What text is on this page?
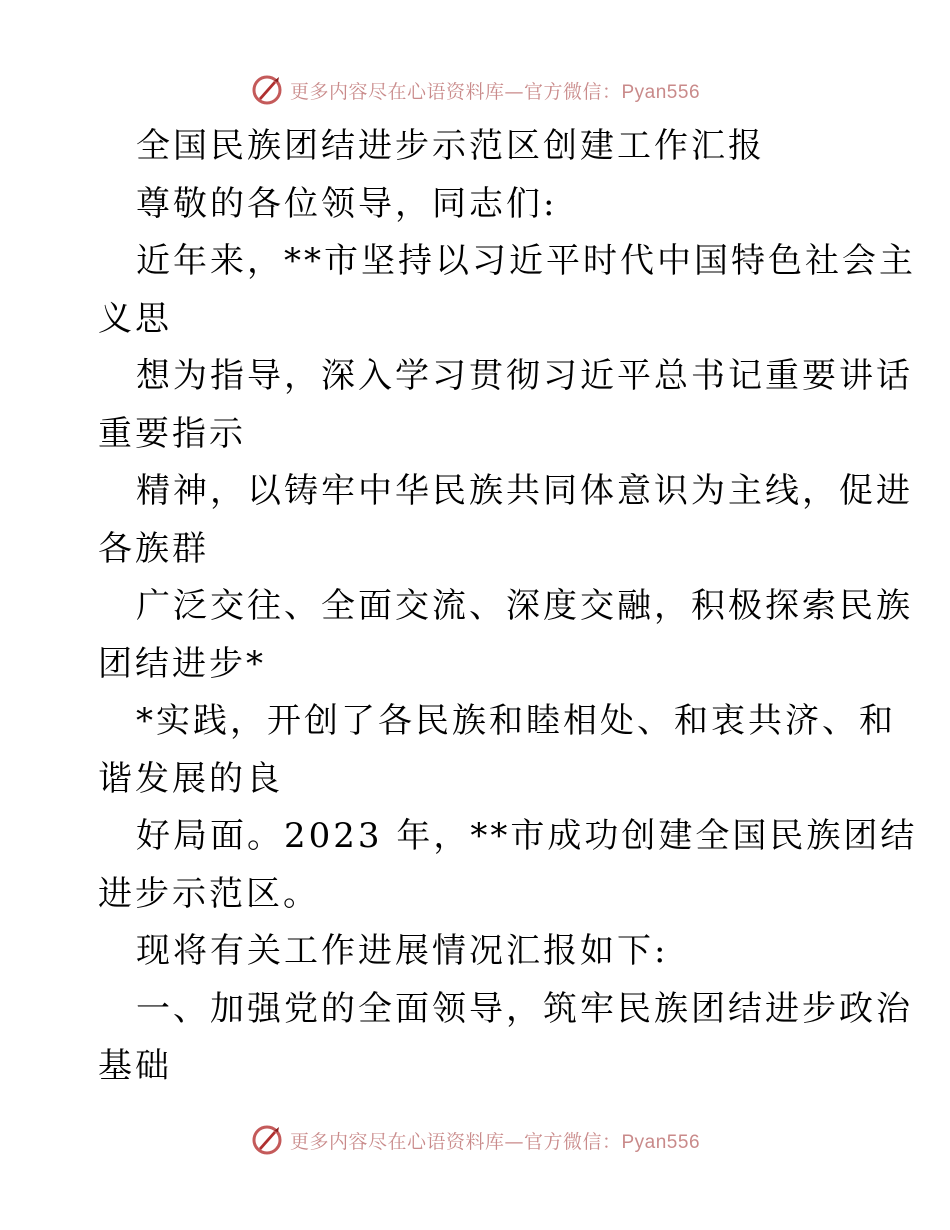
更多内容尽在心语资料库—官方微信：Pyan556
全国民族团结进步示范区创建工作汇报
尊敬的各位领导，同志们:
近年来，**市坚持以习近平时代中国特色社会主
义思
想为指导，深入学习贯彻习近平总书记重要讲话
重要指示
精神，以铸牢中华民族共同体意识为主线，促进
各族群
广泛交往、全面交流、深度交融，积极探索民族
团结进步*
*实践，开创了各民族和睦相处、和衷共济、和
谐发展的良
好局面。2023 年，**市成功创建全国民族团结
进步示范区。
现将有关工作进展情况汇报如下:
一、加强党的全面领导，筑牢民族团结进步政治
基础
更多内容尽在心语资料库—官方微信：Pyan556
